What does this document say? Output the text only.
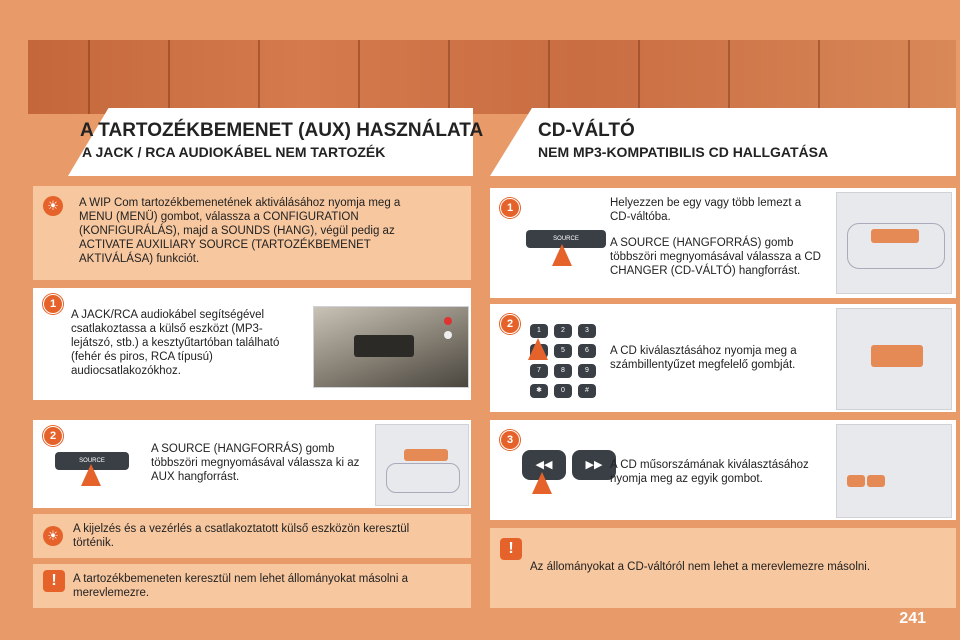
A TARTOZÉKBEMENET (AUX) HASZNÁLATA
A JACK / RCA AUDIOKÁBEL NEM TARTOZÉK
CD-VÁLTÓ
NEM MP3-KOMPATIBILIS CD HALLGATÁSA
☀	A WIP Com tartozékbemenetének aktiválásához nyomja meg a MENU (MENÜ) gombot, válassza a CONFIGURATION (KONFIGURÁLÁS), majd a SOUNDS (HANG), végül pedig az ACTIVATE AUXILIARY SOURCE (TARTOZÉKBEMENET AKTIVÁLÁSA) funkciót.
1
A JACK/RCA audiokábel segítségével csatlakoztassa a külső eszközt (MP3-lejátszó, stb.) a kesztyűtartóban található (fehér és piros, RCA típusú) audiocsatlakozókhoz.
2
SOURCE
A SOURCE (HANGFORRÁS) gomb többszöri megnyomásával válassza ki az AUX hangforrást.
☀	A kijelzés és a vezérlés a csatlakoztatott külső eszközön keresztül történik.
!	A tartozékbemeneten keresztül nem lehet állományokat másolni a merevlemezre.
1
SOURCE
Helyezzen be egy vagy több lemezt a CD-váltóba.
A SOURCE (HANGFORRÁS) gomb többszöri megnyomásával válassza a CD CHANGER (CD-VÁLTÓ) hangforrást.
2
1	2	3
4	5	6
7	8	9
✱	0	#
A CD kiválasztásához nyomja meg a számbillentyűzet megfelelő gombját.
3
◀◀	▶▶ A CD műsorszámának kiválasztásához nyomja meg az egyik gombot.
!
Az állományokat a CD-váltóról nem lehet a merevlemezre másolni.
241
